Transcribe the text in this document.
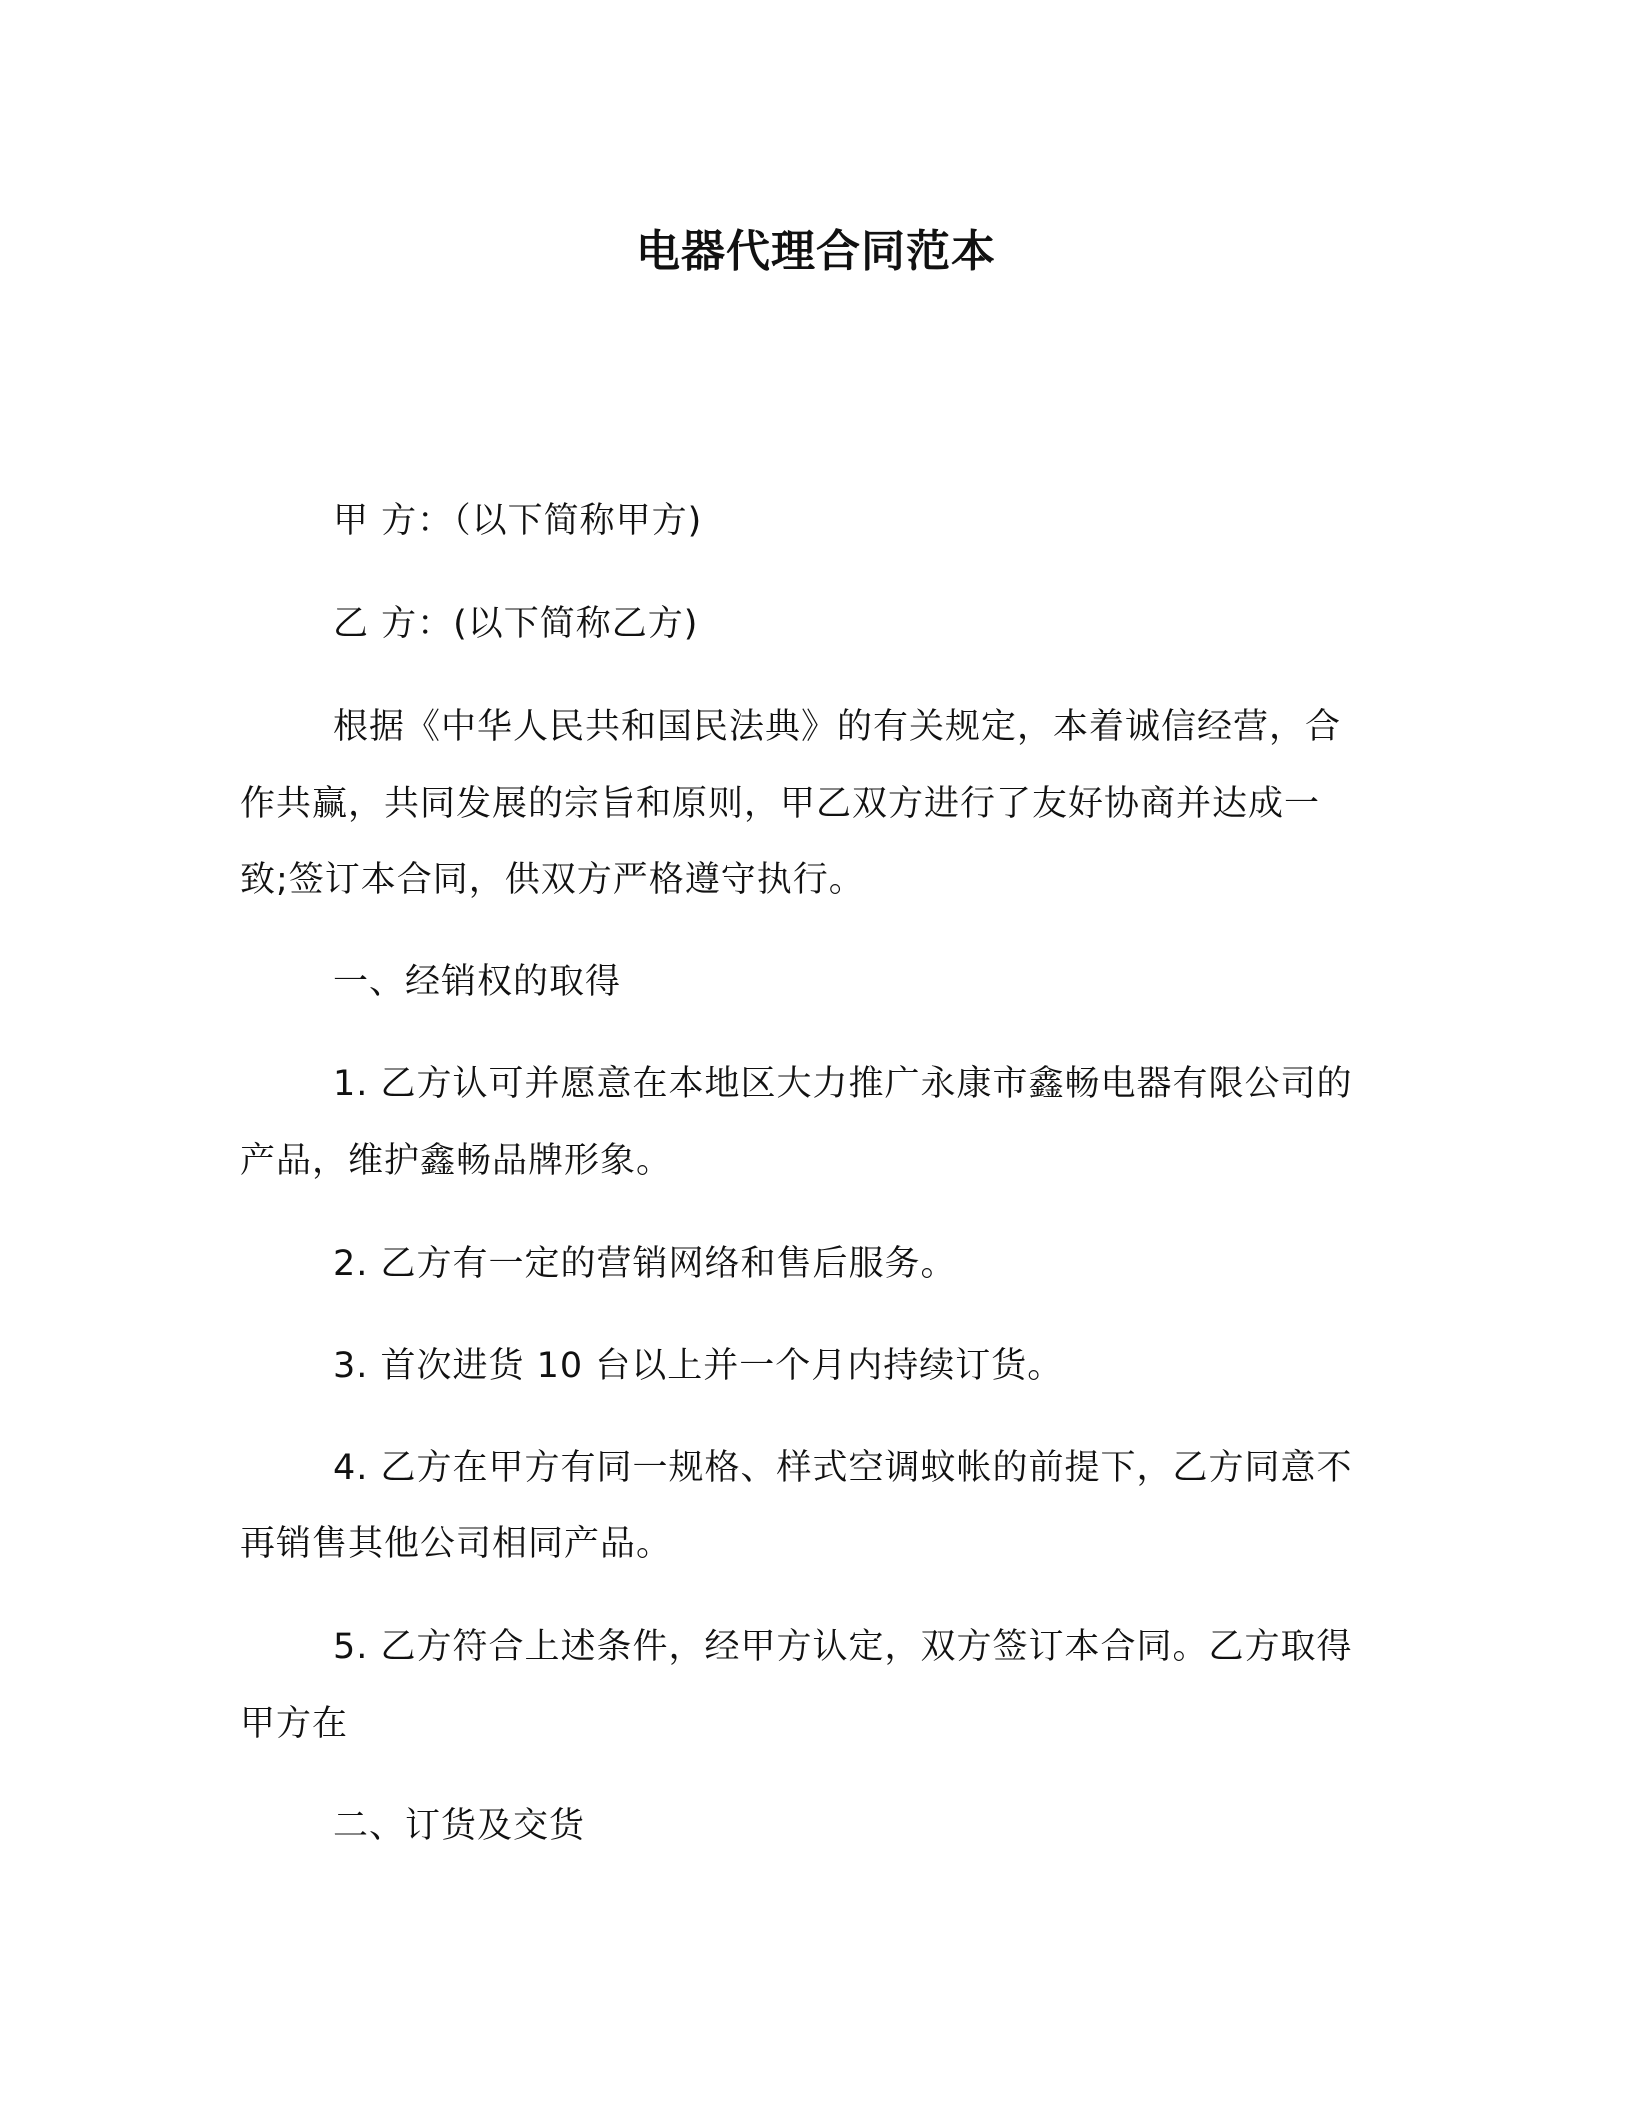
电器代理合同范本
甲 方：（以下简称甲方)
乙 方：(以下简称乙方)
根据《中华人民共和国民法典》的有关规定，本着诚信经营，合
作共赢，共同发展的宗旨和原则，甲乙双方进行了友好协商并达成一
致;签订本合同，供双方严格遵守执行。
一、经销权的取得
1. 乙方认可并愿意在本地区大力推广永康市鑫畅电器有限公司的
产品，维护鑫畅品牌形象。
2. 乙方有一定的营销网络和售后服务。
3. 首次进货 10 台以上并一个月内持续订货。
4. 乙方在甲方有同一规格、样式空调蚊帐的前提下，乙方同意不
再销售其他公司相同产品。
5. 乙方符合上述条件，经甲方认定，双方签订本合同。乙方取得
甲方在
二、订货及交货
